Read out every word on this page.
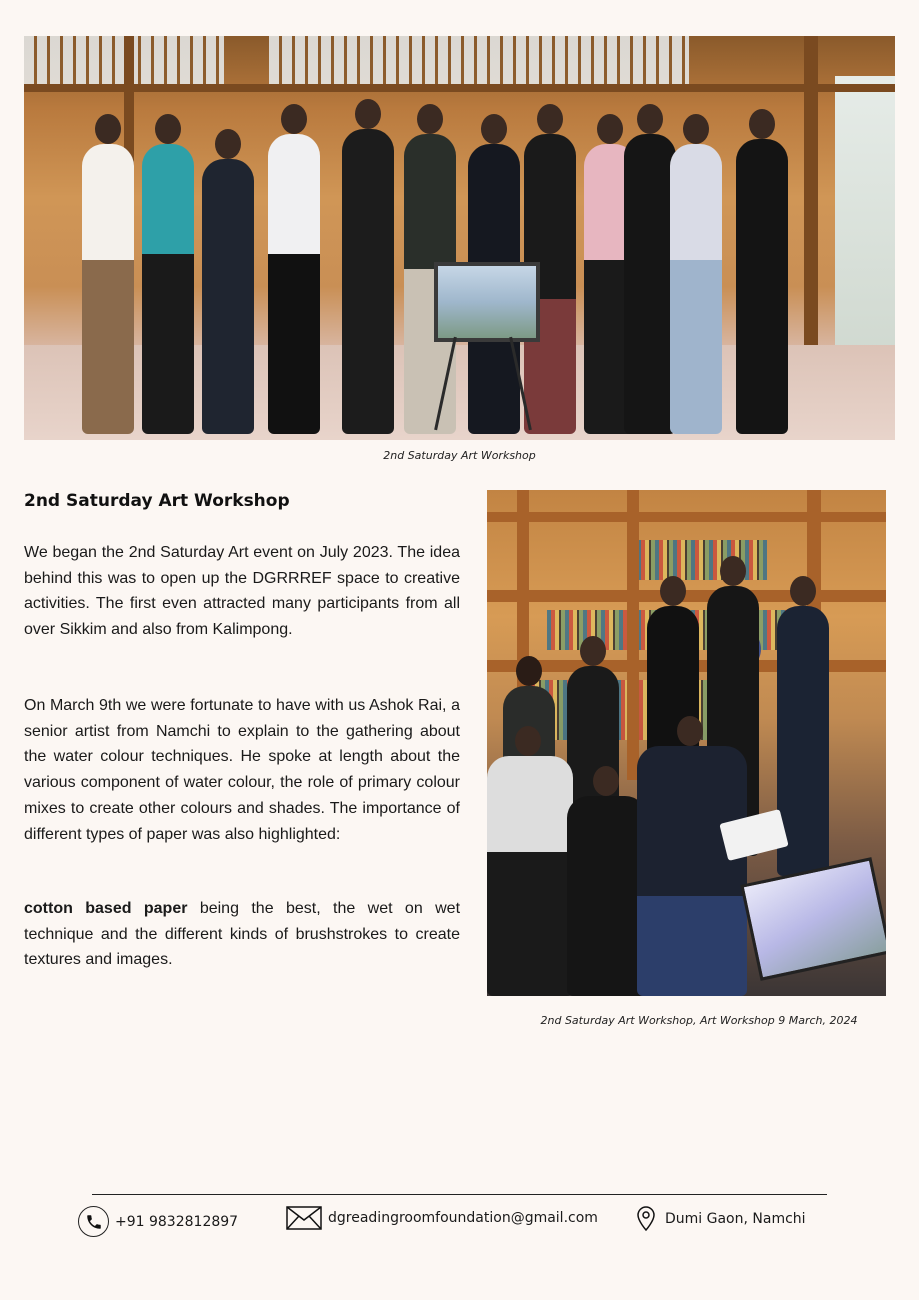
2nd Saturday Art Workshop
2nd Saturday Art Workshop

We began the 2nd Saturday Art event on July 2023. The idea behind this was to open up the DGRRREF space to creative activities. The first even attracted many participants from all over Sikkim and also from Kalimpong.

On March 9th we were fortunate to have with us Ashok Rai, a senior artist from Namchi to explain to the gathering about the water colour techniques. He spoke at length about the various component of water colour, the role of primary colour mixes to create other colours and shades. The importance of different types of paper was also highlighted:

cotton based paper being the best, the wet on wet technique and the different kinds of brushstrokes to create textures and images.

2nd Saturday Art Workshop, Art Workshop 9 March, 2024
+91 9832812897	dgreadingroomfoundation@gmail.com	Dumi Gaon, Namchi
